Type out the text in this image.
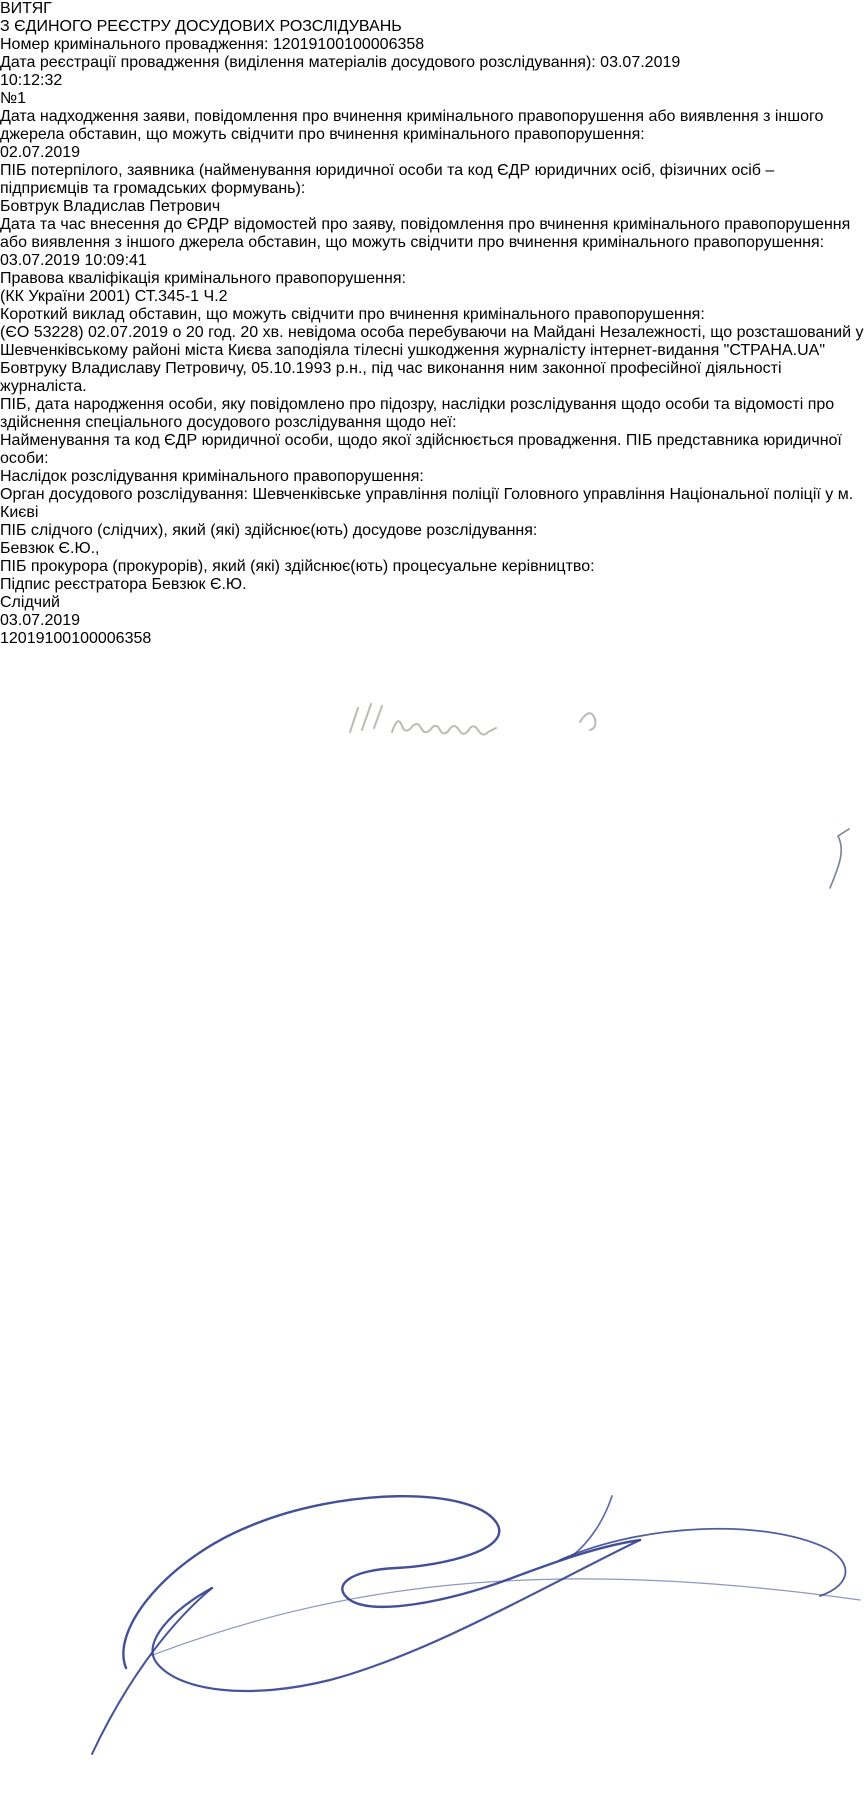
ВИТЯГ
З ЄДИНОГО РЕЄСТРУ ДОСУДОВИХ РОЗСЛІДУВАНЬ
Номер кримінального провадження: 12019100100006358
Дата реєстрації провадження (виділення матеріалів досудового розслідування): 03.07.2019
10:12:32
№1
Дата надходження заяви, повідомлення про вчинення кримінального правопорушення або виявлення з іншого джерела обставин, що можуть свідчити про вчинення кримінального правопорушення:
02.07.2019
ПІБ потерпілого, заявника (найменування юридичної особи та код ЄДР юридичних осіб, фізичних осіб – підприємців та громадських формувань):
Бовтрук Владислав Петрович
Дата та час внесення до ЄРДР відомостей про заяву, повідомлення про вчинення кримінального правопорушення або виявлення з іншого джерела обставин, що можуть свідчити про вчинення кримінального правопорушення:
03.07.2019 10:09:41
Правова кваліфікація кримінального правопорушення:
(КК України 2001) СТ.345-1 Ч.2
Короткий виклад обставин, що можуть свідчити про вчинення кримінального правопорушення:
(ЄО 53228) 02.07.2019 о 20 год. 20 хв. невідома особа перебуваючи на Майдані Незалежності, що розсташований у Шевченківському районі міста Києва заподіяла тілесні ушкодження журналісту інтернет-видання "СТРАНА.UA" Бовтруку Владиславу Петровичу, 05.10.1993 р.н., під час виконання ним законної професійної діяльності журналіста.
ПІБ, дата народження особи, яку повідомлено про підозру, наслідки розслідування щодо особи та відомості про здійснення спеціального досудового розслідування щодо неї:
Найменування та код ЄДР юридичної особи, щодо якої здійснюється провадження. ПІБ представника юридичної особи:
Наслідок розслідування кримінального правопорушення:
Орган досудового розслідування: Шевченківське управління поліції Головного управління Національної поліції у м. Києві
ПІБ слідчого (слідчих), який (які) здійснює(ють) досудове розслідування:
Бевзюк Є.Ю.,
ПІБ прокурора (прокурорів), який (які) здійснює(ють) процесуальне керівництво:
Підпис реєстратора Бевзюк Є.Ю.
Слідчий
03.07.2019
12019100100006358
